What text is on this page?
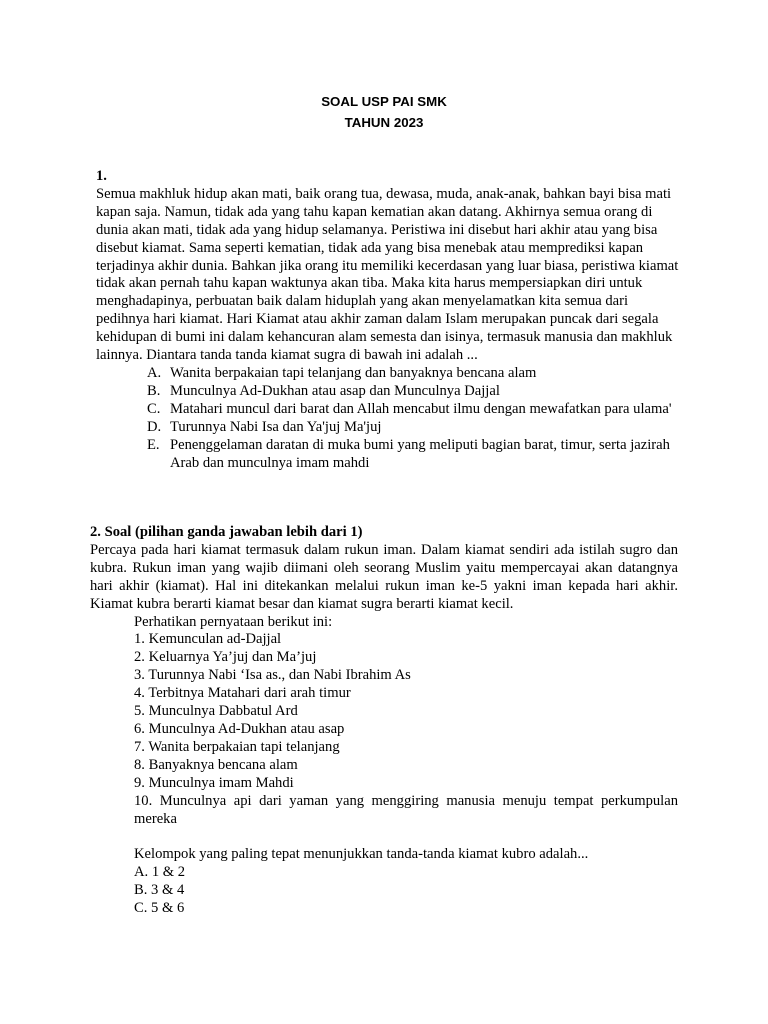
SOAL USP PAI SMK
TAHUN 2023
1.
Semua makhluk hidup akan mati, baik orang tua, dewasa, muda, anak-anak, bahkan bayi bisa mati kapan saja. Namun, tidak ada yang tahu kapan kematian akan datang. Akhirnya semua orang di dunia akan mati, tidak ada yang hidup selamanya. Peristiwa ini disebut hari akhir atau yang bisa disebut kiamat. Sama seperti kematian, tidak ada yang bisa menebak atau memprediksi kapan terjadinya akhir dunia. Bahkan jika orang itu memiliki kecerdasan yang luar biasa, peristiwa kiamat tidak akan pernah tahu kapan waktunya akan tiba. Maka kita harus mempersiapkan diri untuk menghadapinya, perbuatan baik dalam hiduplah yang akan menyelamatkan kita semua dari pedihnya hari kiamat. Hari Kiamat atau akhir zaman dalam Islam merupakan puncak dari segala kehidupan di bumi ini dalam kehancuran alam semesta dan isinya, termasuk manusia dan makhluk lainnya. Diantara tanda tanda kiamat sugra di bawah ini adalah ...
A. Wanita berpakaian tapi telanjang dan banyaknya bencana alam
B. Munculnya Ad-Dukhan atau asap dan Munculnya Dajjal
C. Matahari muncul dari barat dan Allah mencabut ilmu dengan mewafatkan para ulama'
D. Turunnya Nabi Isa dan Ya'juj Ma'juj
E. Penenggelaman daratan di muka bumi yang meliputi bagian barat, timur, serta jazirah Arab dan munculnya imam mahdi
2. Soal (pilihan ganda jawaban lebih dari 1)
Percaya pada hari kiamat termasuk dalam rukun iman. Dalam kiamat sendiri ada istilah sugro dan kubra. Rukun iman yang wajib diimani oleh seorang Muslim yaitu mempercayai akan datangnya hari akhir (kiamat). Hal ini ditekankan melalui rukun iman ke-5 yakni iman kepada hari akhir. Kiamat kubra berarti kiamat besar dan kiamat sugra berarti kiamat kecil.
Perhatikan pernyataan berikut ini:
1. Kemunculan ad-Dajjal
2. Keluarnya Ya’juj dan Ma’juj
3. Turunnya Nabi ‘Isa as., dan Nabi Ibrahim As
4. Terbitnya Matahari dari arah timur
5. Munculnya Dabbatul Ard
6. Munculnya Ad-Dukhan atau asap
7. Wanita berpakaian tapi telanjang
8. Banyaknya bencana alam
9. Munculnya imam Mahdi
10. Munculnya api dari yaman yang menggiring manusia menuju tempat perkumpulan mereka
Kelompok yang paling tepat menunjukkan tanda-tanda kiamat kubro adalah...
A. 1 & 2
B. 3 & 4
C. 5 & 6
